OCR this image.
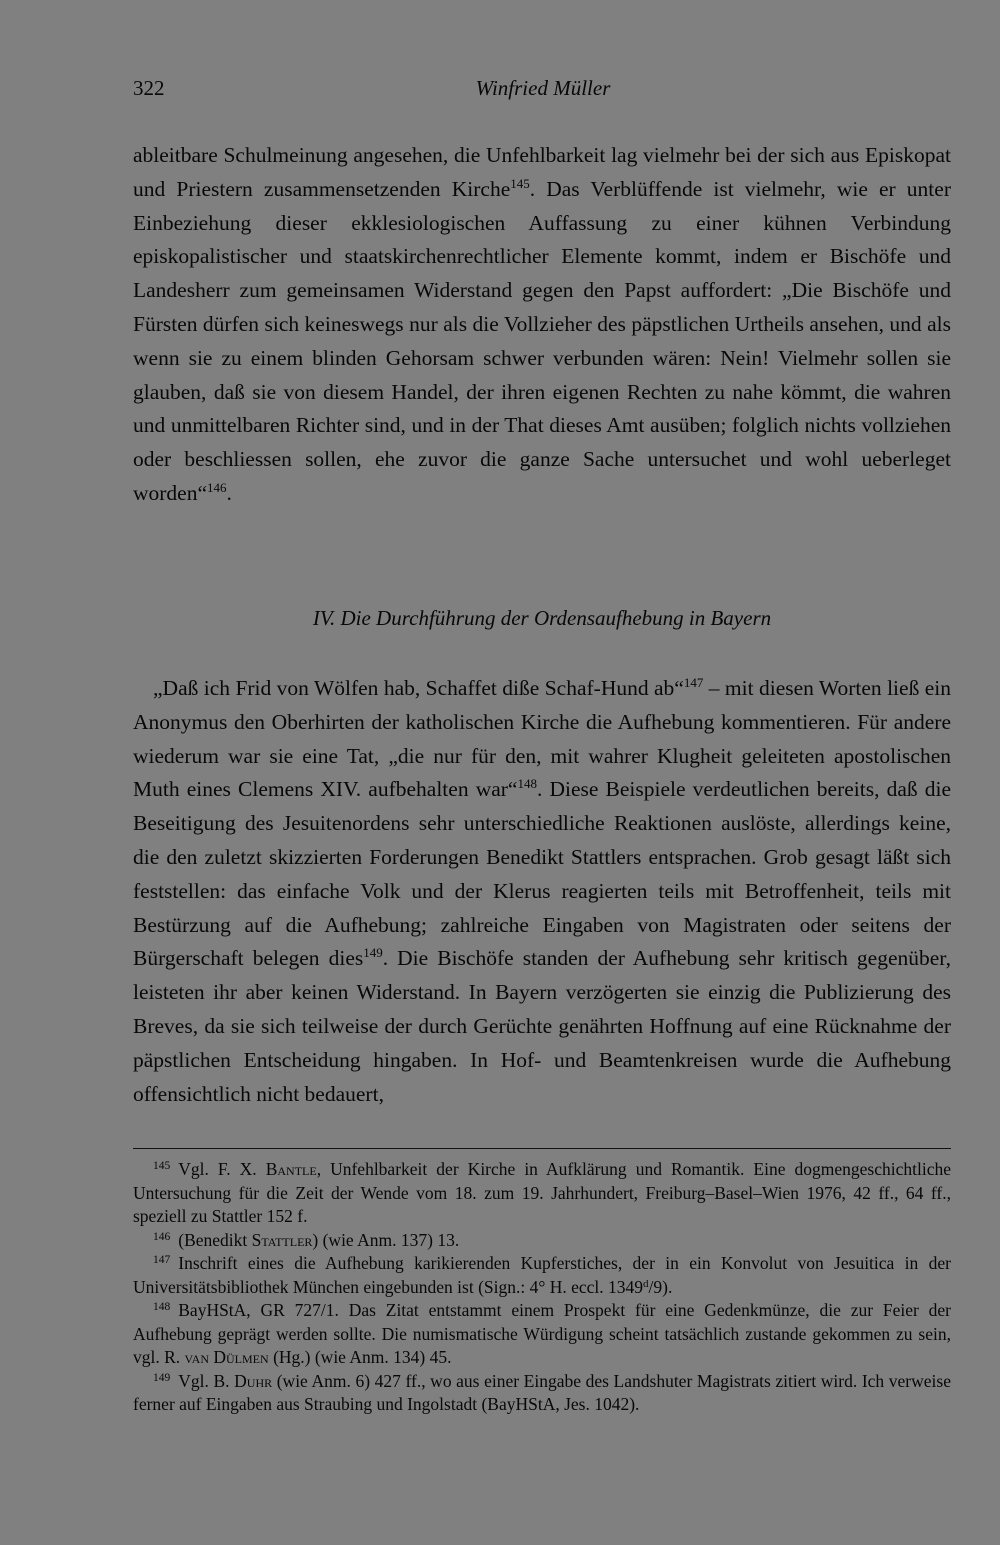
322	Winfried Müller

ableitbare Schulmeinung angesehen, die Unfehlbarkeit lag vielmehr bei der sich aus Episkopat und Priestern zusammensetzenden Kirche$^{145}$. Das Verblüffende ist vielmehr, wie er unter Einbeziehung dieser ekklesiologischen Auffassung zu einer kühnen Verbindung episkopalistischer und staatskirchenrechtlicher Elemente kommt, indem er Bischöfe und Landesherr zum gemeinsamen Widerstand gegen den Papst auffordert: „Die Bischöfe und Fürsten dürfen sich keineswegs nur als die Vollzieher des päpstlichen Urtheils ansehen, und als wenn sie zu einem blinden Gehorsam schwer verbunden wären: Nein! Vielmehr sollen sie glauben, daß sie von diesem Handel, der ihren eigenen Rechten zu nahe kömmt, die wahren und unmittelbaren Richter sind, und in der That dieses Amt ausüben; folglich nichts vollziehen oder beschliessen sollen, ehe zuvor die ganze Sache untersuchet und wohl ueberleget worden“$^{146}$.

IV. Die Durchführung der Ordensaufhebung in Bayern

„Daß ich Frid von Wölfen hab, Schaffet diße Schaf-Hund ab“$^{147}$ – mit diesen Worten ließ ein Anonymus den Oberhirten der katholischen Kirche die Aufhebung kommentieren. Für andere wiederum war sie eine Tat, „die nur für den, mit wahrer Klugheit geleiteten apostolischen Muth eines Clemens XIV. aufbehalten war“$^{148}$. Diese Beispiele verdeutlichen bereits, daß die Beseitigung des Jesuitenordens sehr unterschiedliche Reaktionen auslöste, allerdings keine, die den zuletzt skizzierten Forderungen Benedikt Stattlers entsprachen. Grob gesagt läßt sich feststellen: das einfache Volk und der Klerus reagierten teils mit Betroffenheit, teils mit Bestürzung auf die Aufhebung; zahlreiche Eingaben von Magistraten oder seitens der Bürgerschaft belegen dies$^{149}$. Die Bischöfe standen der Aufhebung sehr kritisch gegenüber, leisteten ihr aber keinen Widerstand. In Bayern verzögerten sie einzig die Publizierung des Breves, da sie sich teilweise der durch Gerüchte genährten Hoffnung auf eine Rücknahme der päpstlichen Entscheidung hingaben. In Hof- und Beamtenkreisen wurde die Aufhebung offensichtlich nicht bedauert,

$^{145}$ Vgl. F. X. Bantle, Unfehlbarkeit der Kirche in Aufklärung und Romantik. Eine dogmengeschichtliche Untersuchung für die Zeit der Wende vom 18. zum 19. Jahrhundert, Freiburg–Basel–Wien 1976, 42 ff., 64 ff., speziell zu Stattler 152 f.

$^{146}$ (Benedikt Stattler) (wie Anm. 137) 13.

$^{147}$ Inschrift eines die Aufhebung karikierenden Kupferstiches, der in ein Konvolut von Jesuitica in der Universitätsbibliothek München eingebunden ist (Sign.: 4° H. eccl. 1349$^d$/9).

$^{148}$ BayHStA, GR 727/1. Das Zitat entstammt einem Prospekt für eine Gedenkmünze, die zur Feier der Aufhebung geprägt werden sollte. Die numismatische Würdigung scheint tatsächlich zustande gekommen zu sein, vgl. R. van Dülmen (Hg.) (wie Anm. 134) 45.

$^{149}$ Vgl. B. Duhr (wie Anm. 6) 427 ff., wo aus einer Eingabe des Landshuter Magistrats zitiert wird. Ich verweise ferner auf Eingaben aus Straubing und Ingolstadt (BayHStA, Jes. 1042).
